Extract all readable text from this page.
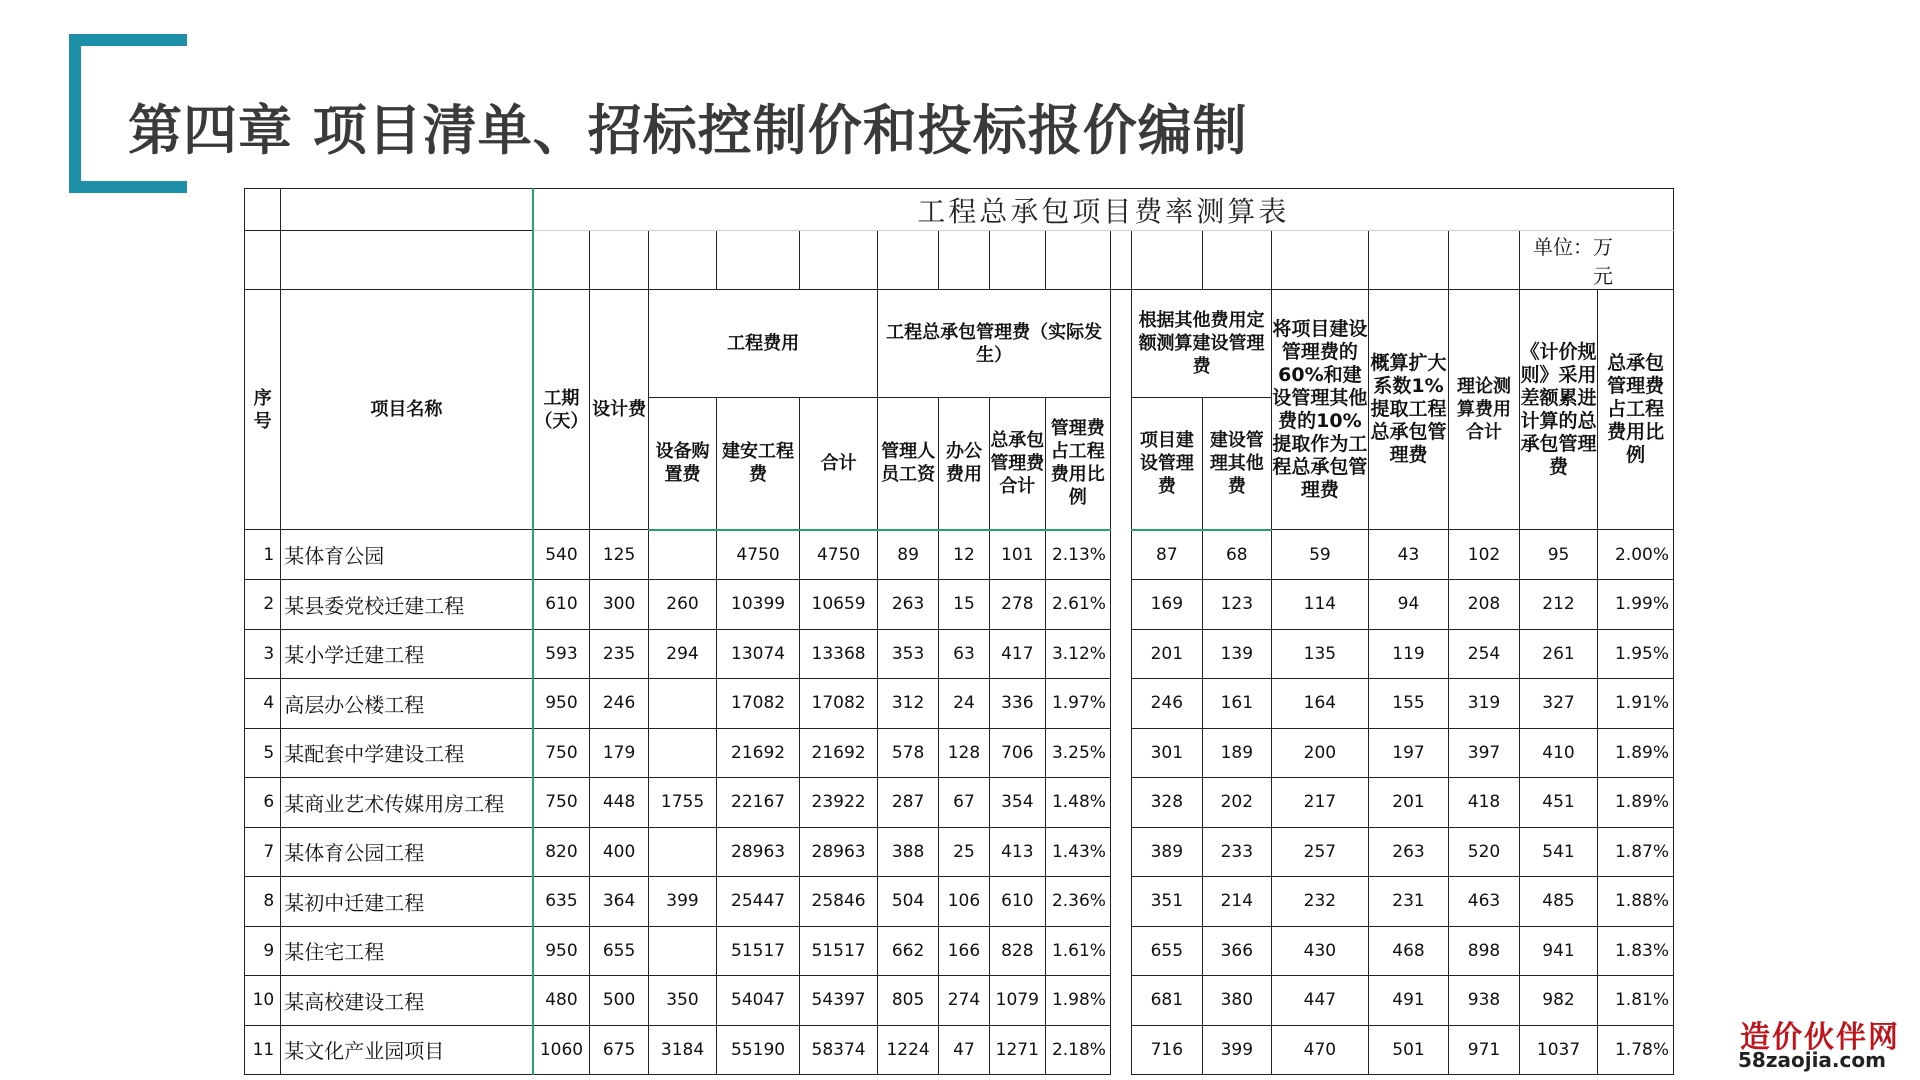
第四章 项目清单、招标控制价和投标报价编制
		工程总承包项目费率测算表																
																	单位：万元	
序号	项目名称	工期（天）	设计费	工程费用			工程总承包管理费（实际发生）					根据其他费用定额测算建设管理费		将项目建设管理费的60%和建设管理其他费的10%提取作为工程总承包管理费	概算扩大系数1%提取工程总承包管理费	理论测算费用合计	《计价规则》采用差额累进计算的总承包管理费	总承包管理费占工程费用比例
				设备购置费	建安工程费	合计	管理人员工资	办公费用	总承包管理费合计	管理费占工程费用比例		项目建设管理费	建设管理其他费					
1	某体育公园	540	125		4750	4750	89	12	101	2.13%		87	68	59	43	102	95	2.00%
2	某县委党校迁建工程	610	300	260	10399	10659	263	15	278	2.61%		169	123	114	94	208	212	1.99%
3	某小学迁建工程	593	235	294	13074	13368	353	63	417	3.12%		201	139	135	119	254	261	1.95%
4	高层办公楼工程	950	246		17082	17082	312	24	336	1.97%		246	161	164	155	319	327	1.91%
5	某配套中学建设工程	750	179		21692	21692	578	128	706	3.25%		301	189	200	197	397	410	1.89%
6	某商业艺术传媒用房工程	750	448	1755	22167	23922	287	67	354	1.48%		328	202	217	201	418	451	1.89%
7	某体育公园工程	820	400		28963	28963	388	25	413	1.43%		389	233	257	263	520	541	1.87%
8	某初中迁建工程	635	364	399	25447	25846	504	106	610	2.36%		351	214	232	231	463	485	1.88%
9	某住宅工程	950	655		51517	51517	662	166	828	1.61%		655	366	430	468	898	941	1.83%
10	某高校建设工程	480	500	350	54047	54397	805	274	1079	1.98%		681	380	447	491	938	982	1.81%
11	某文化产业园项目	1060	675	3184	55190	58374	1224	47	1271	2.18%		716	399	470	501	971	1037	1.78% 造价伙伴网
58zaojia.com
